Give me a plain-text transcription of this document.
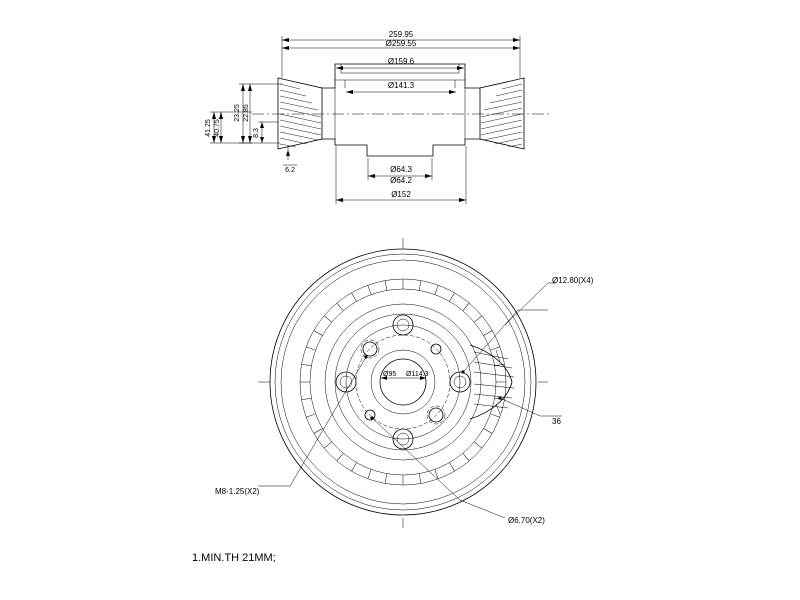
259.95
Ø259.55
Ø159.6
Ø141.3
23.25 22.85
41.25 40.75	8.3
6.2	Ø64.3
Ø64.2
Ø152
Ø95 Ø114.3
Ø12.80(X4)
36
M8-1.25(X2)
Ø6.70(X2)
1.MIN.TH 21MM;
